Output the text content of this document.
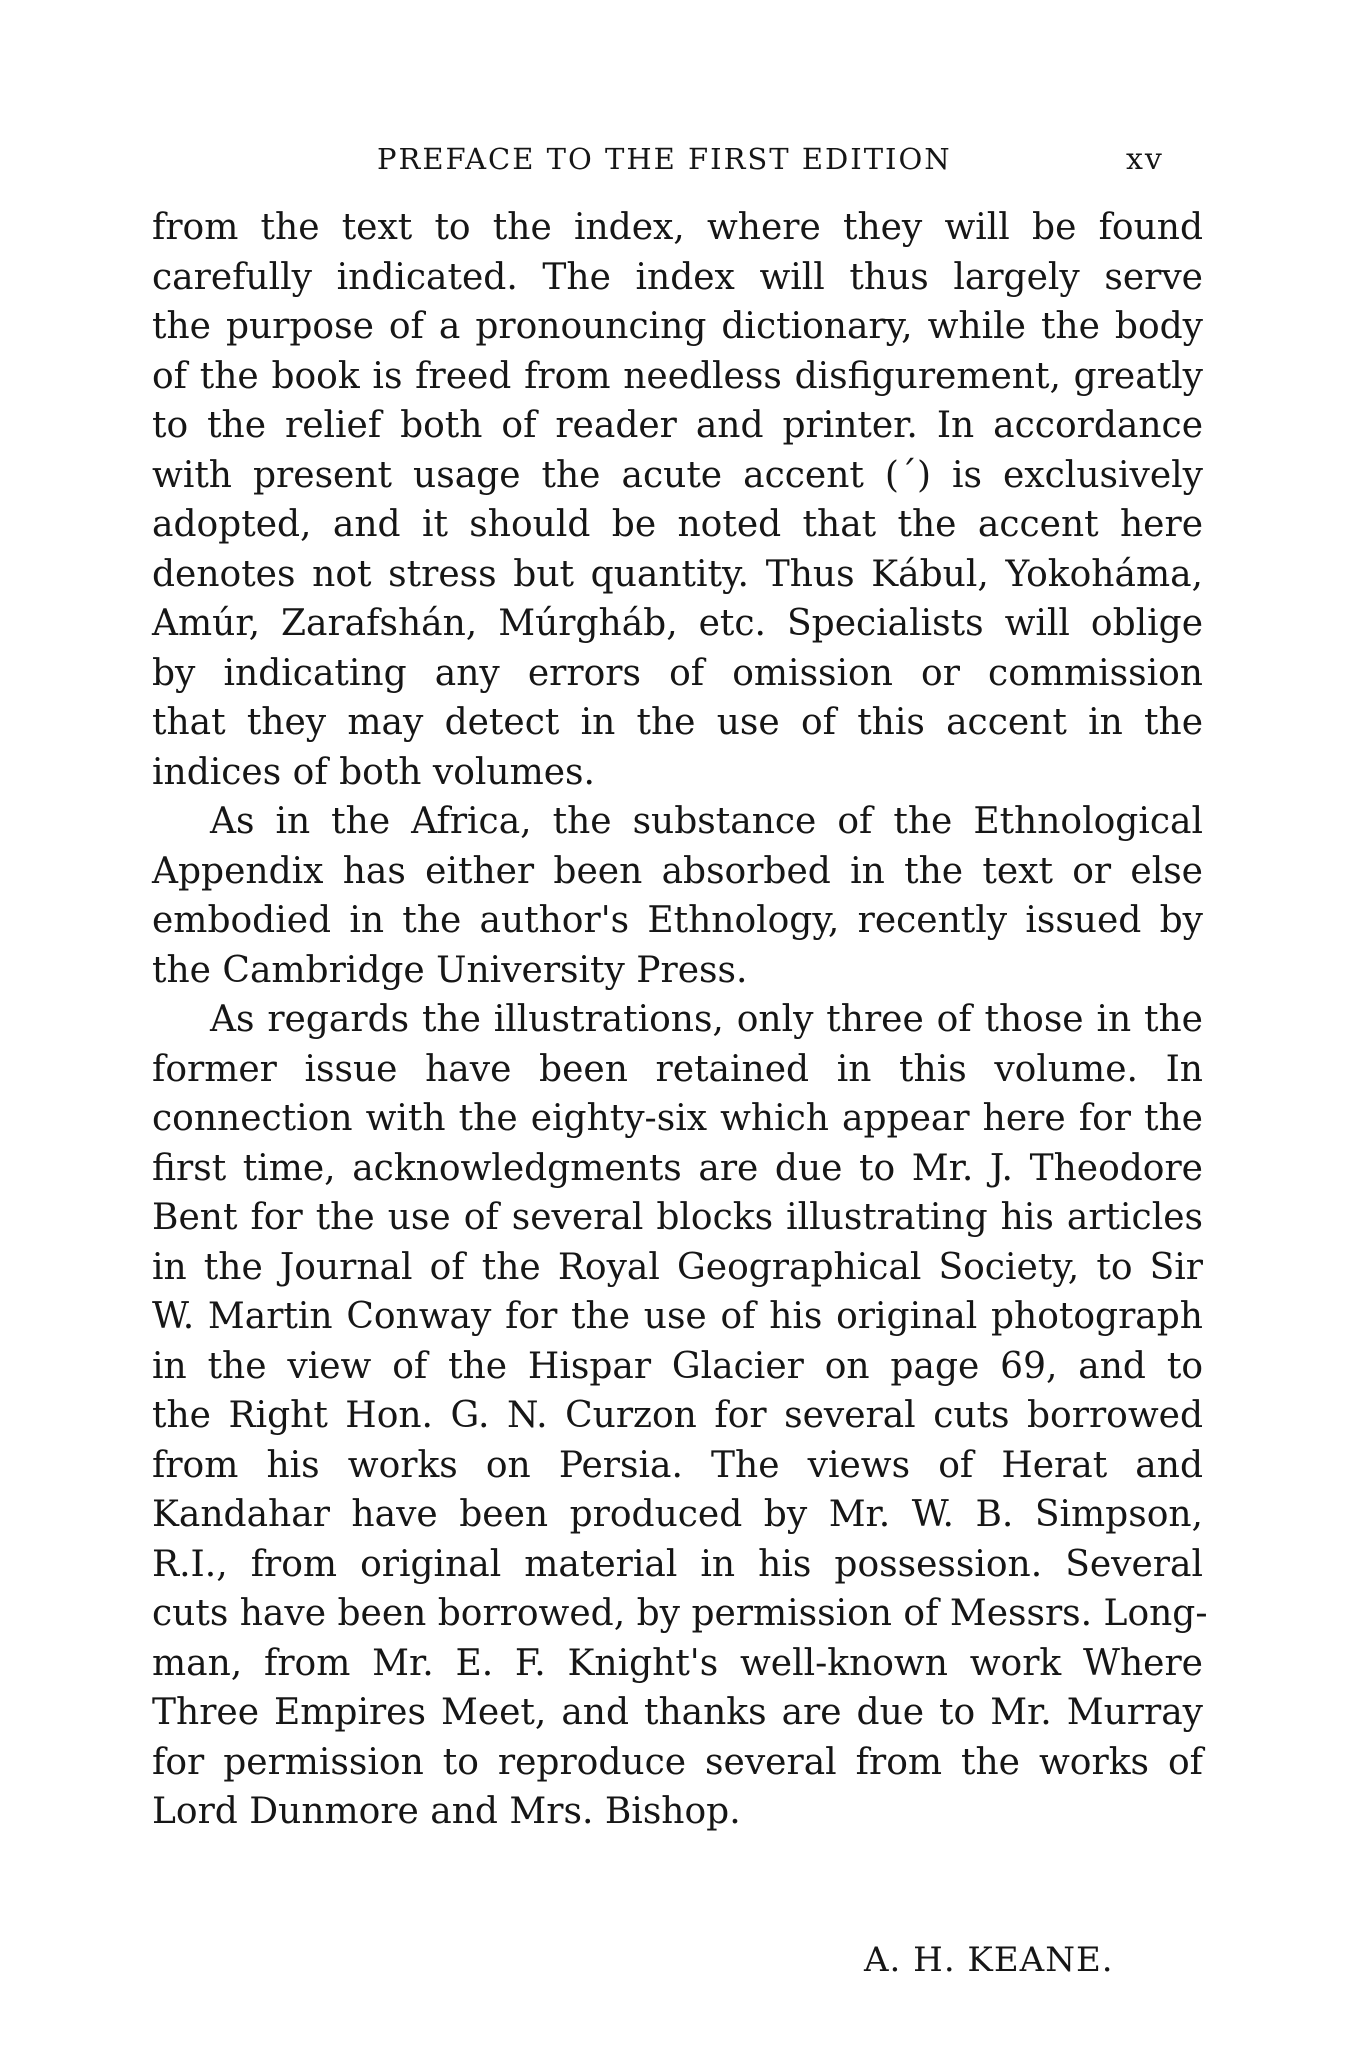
PREFACE TO THE FIRST EDITION	xv
from the text to the index, where they will be found
carefully indicated. The index will thus largely serve
the purpose of a pronouncing dictionary, while the body
of the book is freed from needless disfigurement, greatly
to the relief both of reader and printer. In accordance
with present usage the acute accent (´) is exclusively
adopted, and it should be noted that the accent here
denotes not stress but quantity. Thus Kábul, Yokoháma,
Amúr, Zarafshán, Múrgháb, etc. Specialists will oblige
by indicating any errors of omission or commission
that they may detect in the use of this accent in the
indices of both volumes.
As in the Africa, the substance of the Ethnological
Appendix has either been absorbed in the text or else
embodied in the author's Ethnology, recently issued by
the Cambridge University Press.
As regards the illustrations, only three of those in the
former issue have been retained in this volume. In
connection with the eighty-six which appear here for the
first time, acknowledgments are due to Mr. J. Theodore
Bent for the use of several blocks illustrating his articles
in the Journal of the Royal Geographical Society, to Sir
W. Martin Conway for the use of his original photograph
in the view of the Hispar Glacier on page 69, and to
the Right Hon. G. N. Curzon for several cuts borrowed
from his works on Persia. The views of Herat and
Kandahar have been produced by Mr. W. B. Simpson,
R.I., from original material in his possession. Several
cuts have been borrowed, by permission of Messrs. Long-
man, from Mr. E. F. Knight's well-known work Where
Three Empires Meet, and thanks are due to Mr. Murray
for permission to reproduce several from the works of
Lord Dunmore and Mrs. Bishop.
A. H. KEANE.
